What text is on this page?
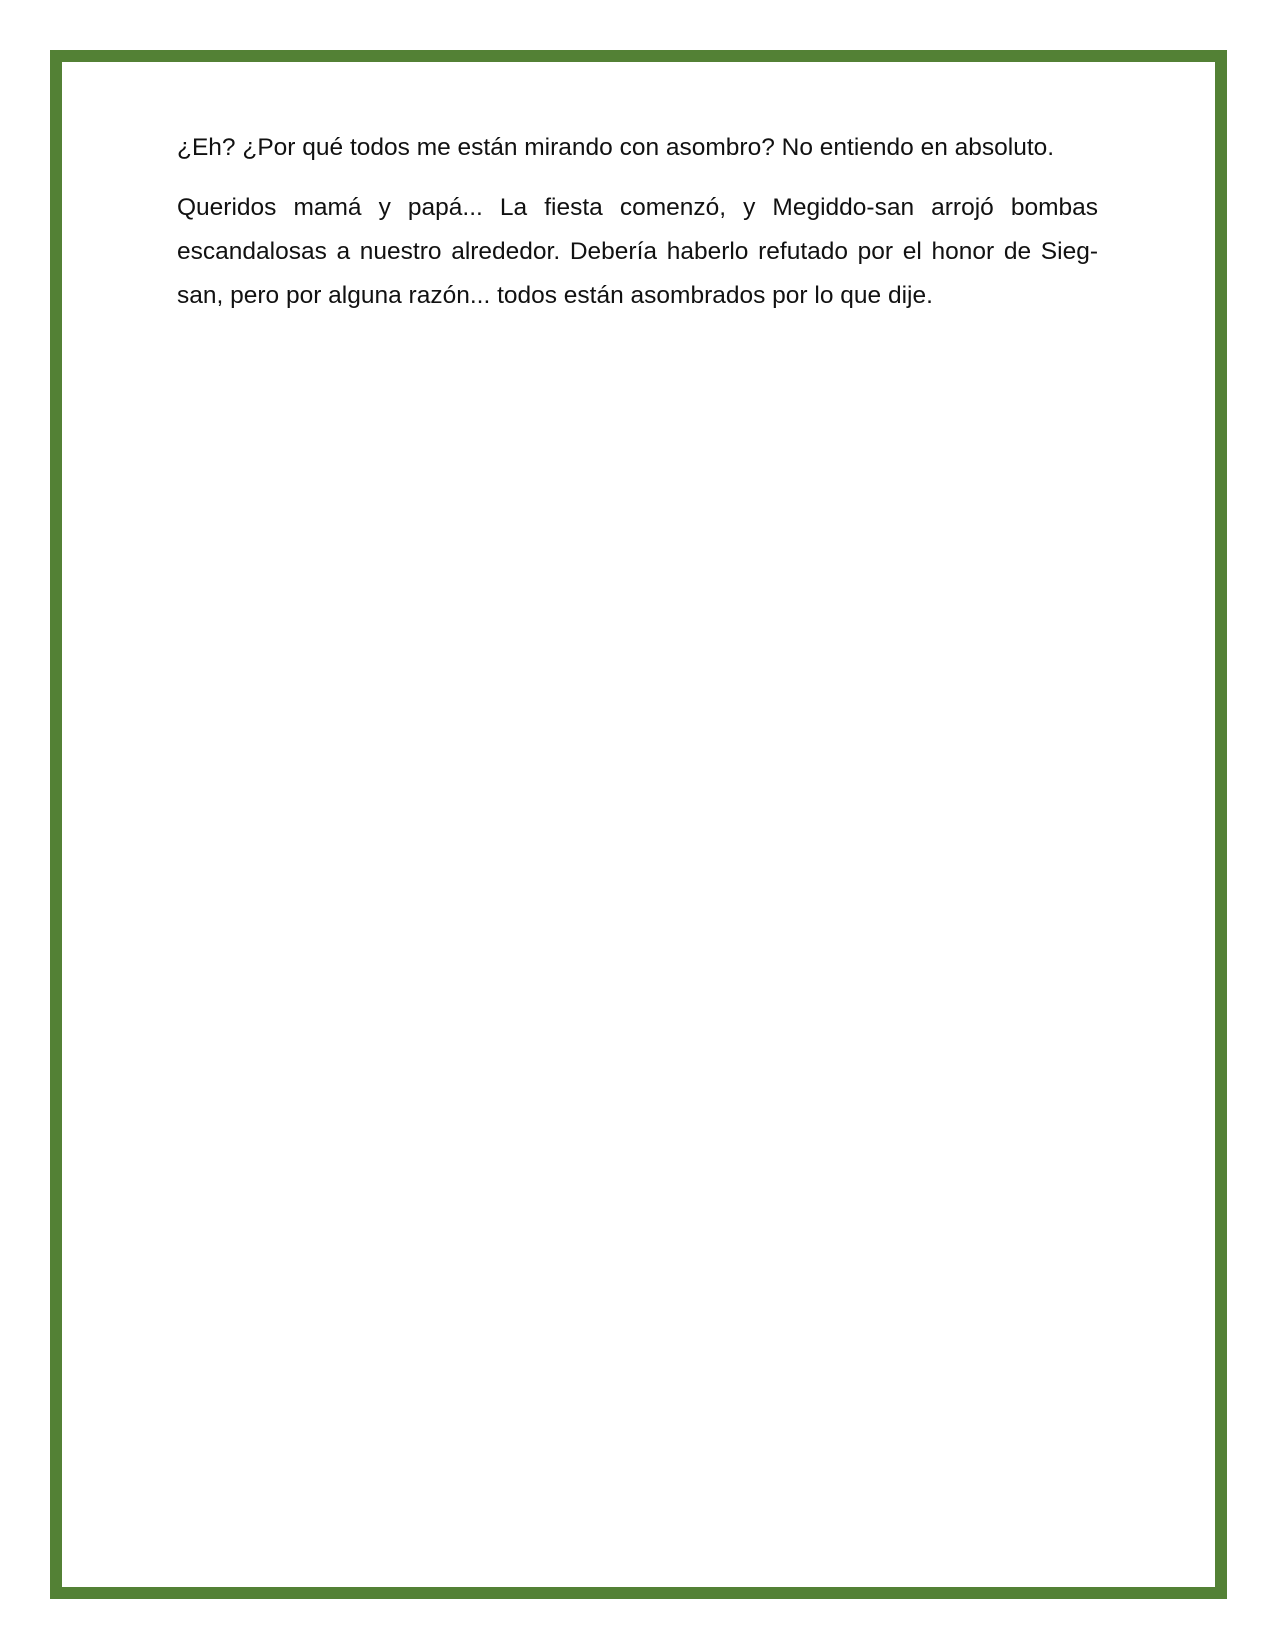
¿Eh? ¿Por qué todos me están mirando con asombro? No entiendo en absoluto.

Queridos mamá y papá... La fiesta comenzó, y Megiddo-san arrojó bombas escandalosas a nuestro alrededor. Debería haberlo refutado por el honor de Sieg-san, pero por alguna razón... todos están asombrados por lo que dije.
